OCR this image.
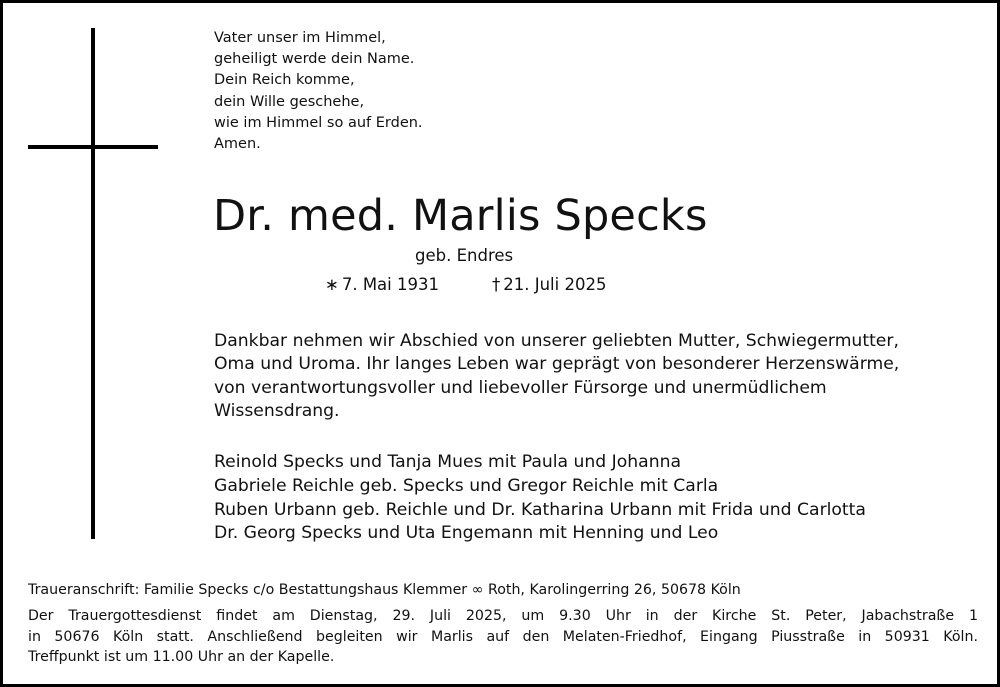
Vater unser im Himmel,
geheiligt werde dein Name.
Dein Reich komme,
dein Wille geschehe,
wie im Himmel so auf Erden.
Amen.
Dr. med. Marlis Specks
geb. Endres
∗ 7. Mai 1931	† 21. Juli 2025
Dankbar nehmen wir Abschied von unserer geliebten Mutter, Schwiegermutter,
Oma und Uroma. Ihr langes Leben war geprägt von besonderer Herzenswärme,
von verantwortungsvoller und liebevoller Fürsorge und unermüdlichem
Wissensdrang.
Reinold Specks und Tanja Mues mit Paula und Johanna
Gabriele Reichle geb. Specks und Gregor Reichle mit Carla
Ruben Urbann geb. Reichle und Dr. Katharina Urbann mit Frida und Carlotta
Dr. Georg Specks und Uta Engemann mit Henning und Leo
Traueranschrift: Familie Specks c/o Bestattungshaus Klemmer ∞ Roth, Karolingerring 26, 50678 Köln
Der Trauergottesdienst findet am Dienstag, 29. Juli 2025, um 9.30 Uhr in der Kirche St. Peter, Jabachstraße 1
in 50676 Köln statt. Anschließend begleiten wir Marlis auf den Melaten-Friedhof, Eingang Piusstraße in 50931 Köln.
Treffpunkt ist um 11.00 Uhr an der Kapelle.
